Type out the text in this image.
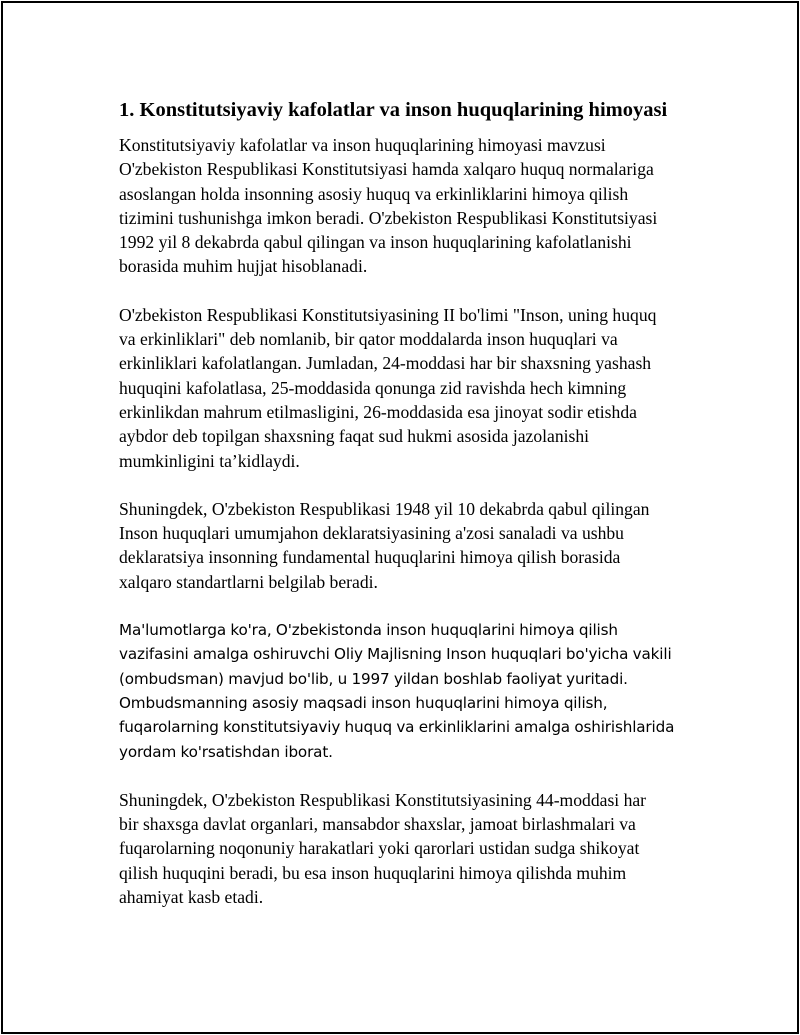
1. Konstitutsiyaviy kafolatlar va inson huquqlarining himoyasi

Konstitutsiyaviy kafolatlar va inson huquqlarining himoyasi mavzusi
O'zbekiston Respublikasi Konstitutsiyasi hamda xalqaro huquq normalariga
asoslangan holda insonning asosiy huquq va erkinliklarini himoya qilish
tizimini tushunishga imkon beradi. O'zbekiston Respublikasi Konstitutsiyasi
1992 yil 8 dekabrda qabul qilingan va inson huquqlarining kafolatlanishi
borasida muhim hujjat hisoblanadi.

O'zbekiston Respublikasi Konstitutsiyasining II bo'limi "Inson, uning huquq
va erkinliklari" deb nomlanib, bir qator moddalarda inson huquqlari va
erkinliklari kafolatlangan. Jumladan, 24-moddasi har bir shaxsning yashash
huquqini kafolatlasa, 25-moddasida qonunga zid ravishda hech kimning
erkinlikdan mahrum etilmasligini, 26-moddasida esa jinoyat sodir etishda
aybdor deb topilgan shaxsning faqat sud hukmi asosida jazolanishi
mumkinligini ta’kidlaydi.

Shuningdek, O'zbekiston Respublikasi 1948 yil 10 dekabrda qabul qilingan
Inson huquqlari umumjahon deklaratsiyasining a'zosi sanaladi va ushbu
deklaratsiya insonning fundamental huquqlarini himoya qilish borasida
xalqaro standartlarni belgilab beradi.

Ma'lumotlarga ko'ra, O'zbekistonda inson huquqlarini himoya qilish
vazifasini amalga oshiruvchi Oliy Majlisning Inson huquqlari bo'yicha vakili
(ombudsman) mavjud bo'lib, u 1997 yildan boshlab faoliyat yuritadi.
Ombudsmanning asosiy maqsadi inson huquqlarini himoya qilish,
fuqarolarning konstitutsiyaviy huquq va erkinliklarini amalga oshirishlarida
yordam ko'rsatishdan iborat.

Shuningdek, O'zbekiston Respublikasi Konstitutsiyasining 44-moddasi har
bir shaxsga davlat organlari, mansabdor shaxslar, jamoat birlashmalari va
fuqarolarning noqonuniy harakatlari yoki qarorlari ustidan sudga shikoyat
qilish huquqini beradi, bu esa inson huquqlarini himoya qilishda muhim
ahamiyat kasb etadi.
